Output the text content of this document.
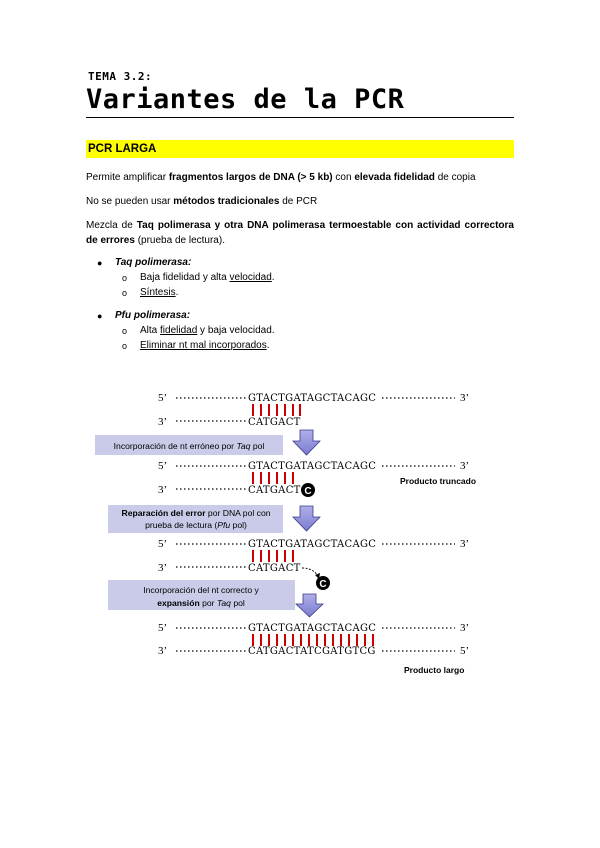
TEMA 3.2:
Variantes de la PCR
PCR LARGA

Permite amplificar fragmentos largos de DNA (> 5 kb) con elevada fidelidad de copia

No se pueden usar métodos tradicionales de PCR

Mezcla de Taq polimerasa y otra DNA polimerasa termoestable con actividad correctora de errores (prueba de lectura).

● Taq polimerasa:
o Baja fidelidad y alta velocidad.
o Síntesis.
● Pfu polimerasa:
o Alta fidelidad y baja velocidad.
o Eliminar nt mal incorporados.
5’	GTACTGATAGCTACAGC	3’
3’	CATGACT
Incorporación de nt erróneo por Taq pol
5’	GTACTGATAGCTACAGC	3’
3’	CATGACT C
Producto truncado
Reparación del error por DNA pol con
prueba de lectura (Pfu pol)
5’	GTACTGATAGCTACAGC	3’
3’	CATGACT
C
Incorporación del nt correcto y
expansión por Taq pol
5’	GTACTGATAGCTACAGC	3’
3’	CATGACTATCGATGTCG	5’
Producto largo
